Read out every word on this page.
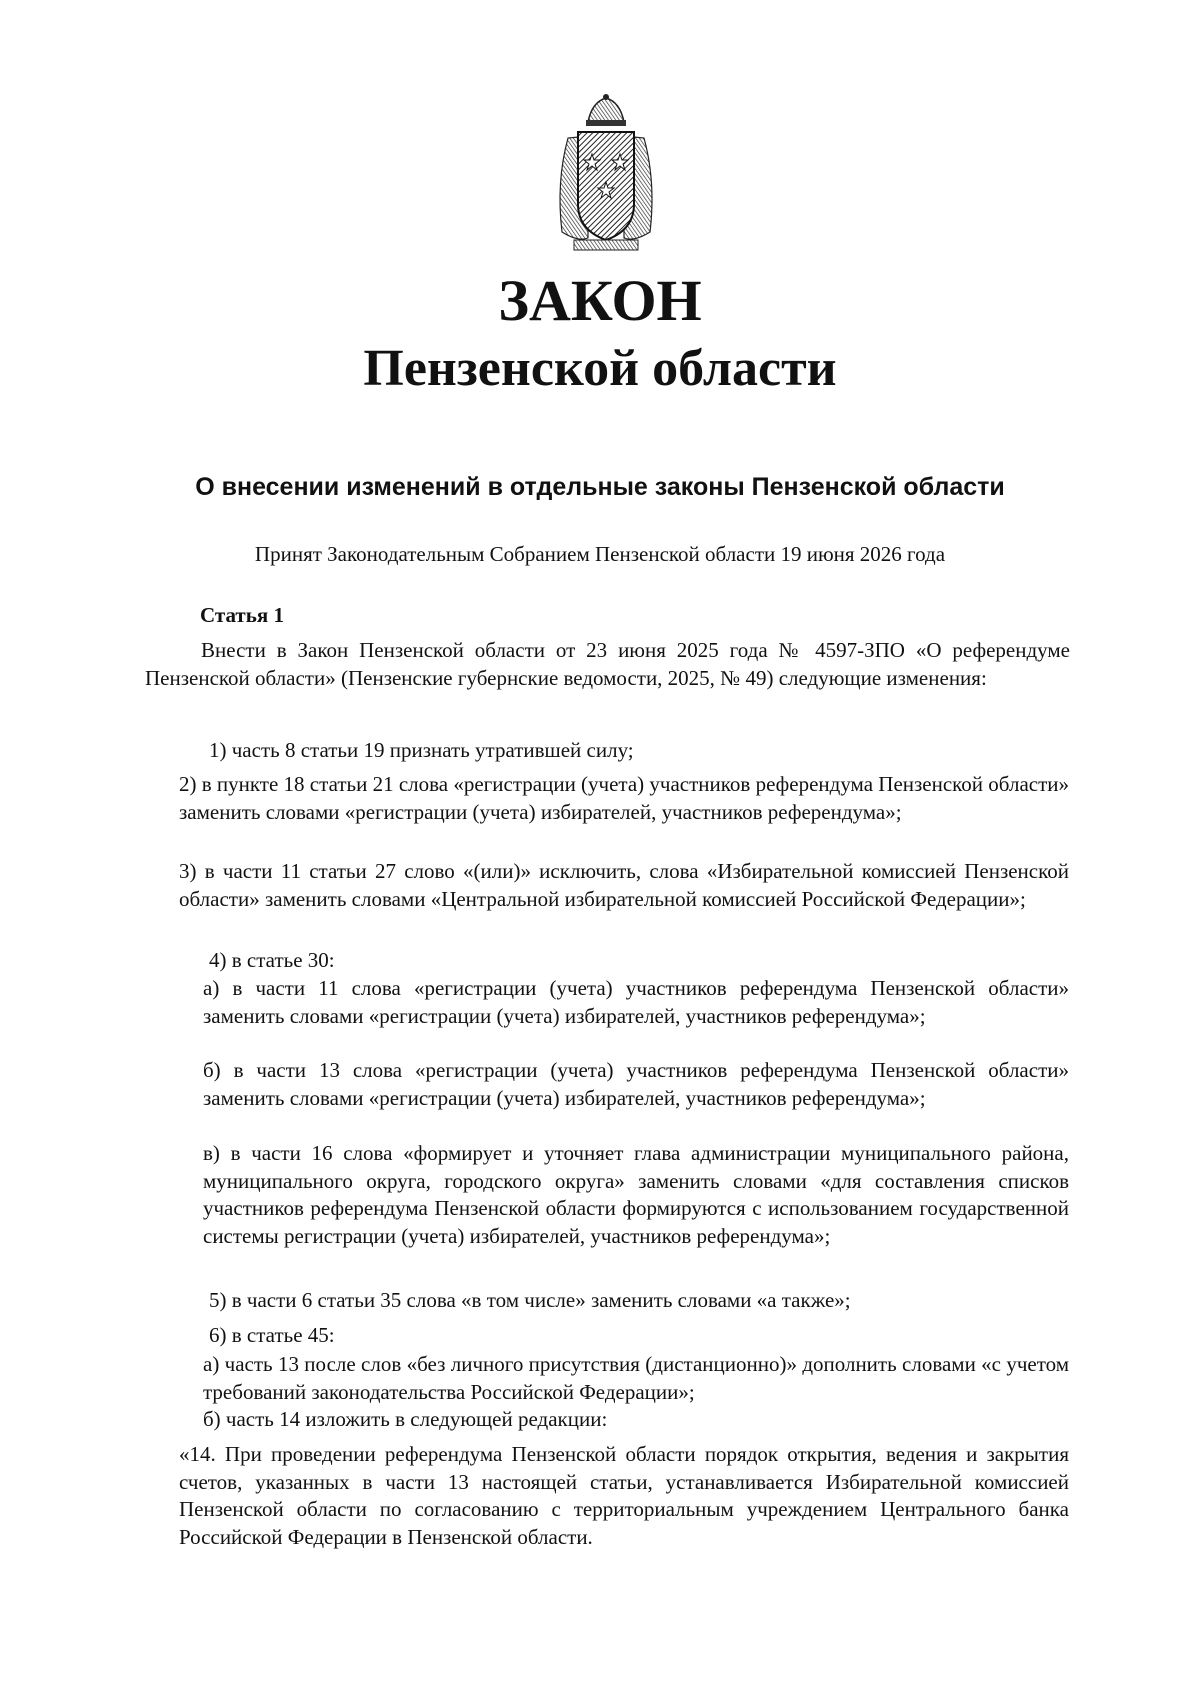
ЗАКОН
Пензенской области
О внесении изменений в отдельные законы Пензенской области
Принят Законодательным Собранием Пензенской области 19 июня 2026 года
Статья 1

Внести в Закон Пензенской области от 23 июня 2025 года № 4597-ЗПО «О референдуме Пензенской области» (Пензенские губернские ведомости, 2025, № 49) следующие изменения:

1) часть 8 статьи 19 признать утратившей силу;

2) в пункте 18 статьи 21 слова «регистрации (учета) участников референдума Пензенской области» заменить словами «регистрации (учета) избирателей, участников референдума»;

3) в части 11 статьи 27 слово «(или)» исключить, слова «Избирательной комиссией Пензенской области» заменить словами «Центральной избирательной комиссией Российской Федерации»;

4) в статье 30:

а) в части 11 слова «регистрации (учета) участников референдума Пензенской области» заменить словами «регистрации (учета) избирателей, участников референдума»;

б) в части 13 слова «регистрации (учета) участников референдума Пензенской области» заменить словами «регистрации (учета) избирателей, участников референдума»;

в) в части 16 слова «формирует и уточняет глава администрации муниципального района, муниципального округа, городского округа» заменить словами «для составления списков участников референдума Пензенской области формируются с использованием государственной системы регистрации (учета) избирателей, участников референдума»;

5) в части 6 статьи 35 слова «в том числе» заменить словами «а также»;

6) в статье 45:

а) часть 13 после слов «без личного присутствия (дистанционно)» дополнить словами «с учетом требований законодательства Российской Федерации»;

б) часть 14 изложить в следующей редакции:

«14. При проведении референдума Пензенской области порядок открытия, ведения и закрытия счетов, указанных в части 13 настоящей статьи, устанавливается Избирательной комиссией Пензенской области по согласованию с территориальным учреждением Центрального банка Российской Федерации в Пензенской области.
